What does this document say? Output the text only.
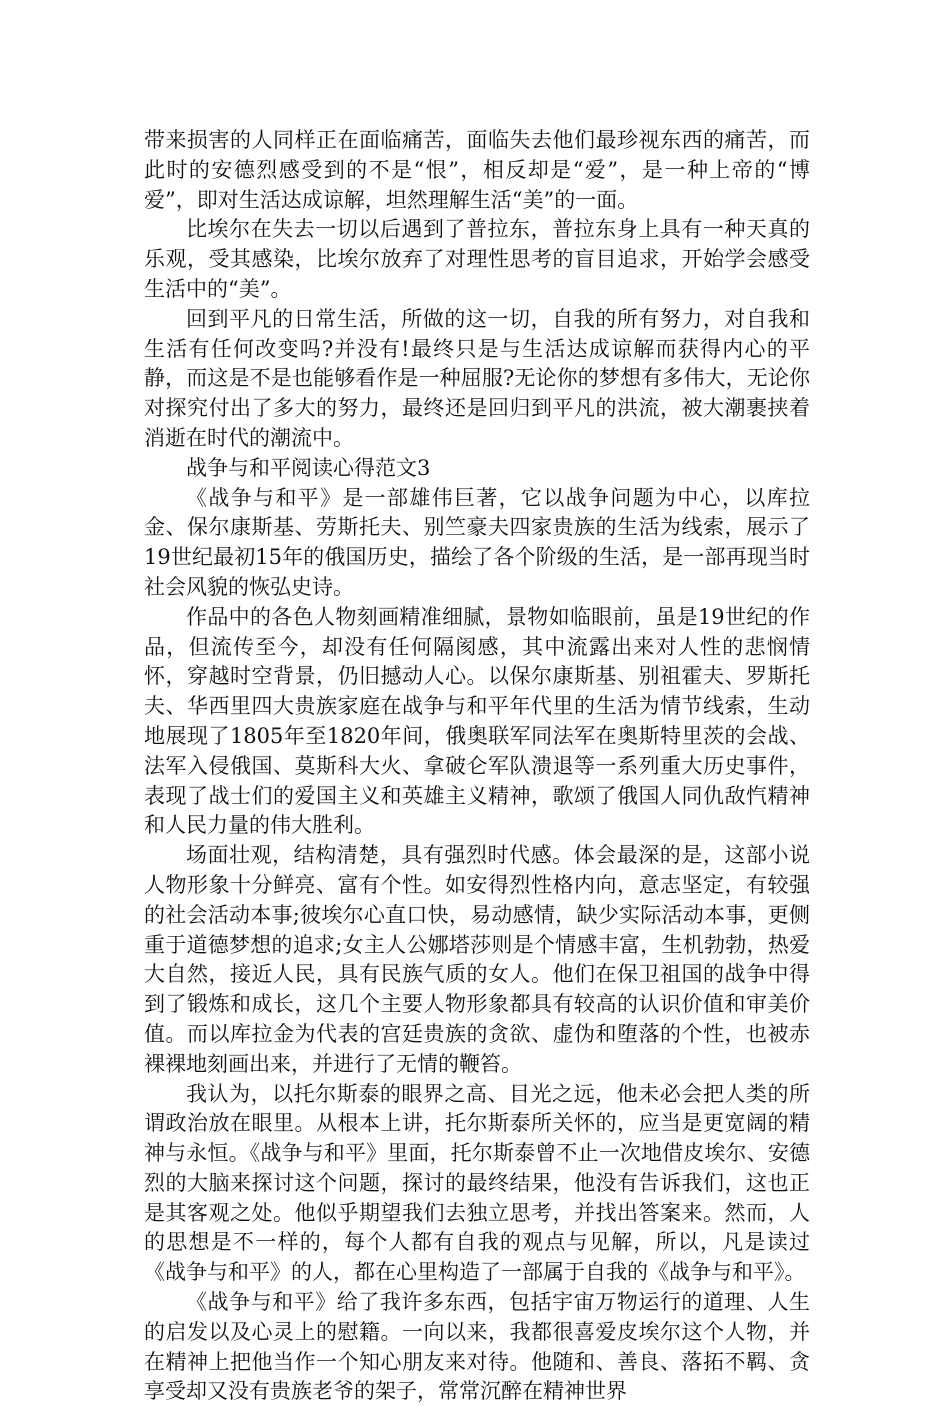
带来损害的人同样正在面临痛苦，面临失去他们最珍视东西的痛苦，而此时的安德烈感受到的不是“恨”，相反却是“爱”，是一种上帝的“博爱”，即对生活达成谅解，坦然理解生活“美”的一面。

比埃尔在失去一切以后遇到了普拉东，普拉东身上具有一种天真的乐观，受其感染，比埃尔放弃了对理性思考的盲目追求，开始学会感受生活中的“美”。

回到平凡的日常生活，所做的这一切，自我的所有努力，对自我和生活有任何改变吗?并没有!最终只是与生活达成谅解而获得内心的平静，而这是不是也能够看作是一种屈服?无论你的梦想有多伟大，无论你对探究付出了多大的努力，最终还是回归到平凡的洪流，被大潮裹挟着消逝在时代的潮流中。

战争与和平阅读心得范文3

《战争与和平》是一部雄伟巨著，它以战争问题为中心，以库拉金、保尔康斯基、劳斯托夫、别竺豪夫四家贵族的生活为线索，展示了19世纪最初15年的俄国历史，描绘了各个阶级的生活，是一部再现当时社会风貌的恢弘史诗。

作品中的各色人物刻画精准细腻，景物如临眼前，虽是19世纪的作品，但流传至今，却没有任何隔阂感，其中流露出来对人性的悲悯情怀，穿越时空背景，仍旧撼动人心。以保尔康斯基、别祖霍夫、罗斯托夫、华西里四大贵族家庭在战争与和平年代里的生活为情节线索，生动地展现了1805年至1820年间，俄奥联军同法军在奥斯特里茨的会战、法军入侵俄国、莫斯科大火、拿破仑军队溃退等一系列重大历史事件，表现了战士们的爱国主义和英雄主义精神，歌颂了俄国人同仇敌忾精神和人民力量的伟大胜利。

场面壮观，结构清楚，具有强烈时代感。体会最深的是，这部小说人物形象十分鲜亮、富有个性。如安得烈性格内向，意志坚定，有较强的社会活动本事;彼埃尔心直口快，易动感情，缺少实际活动本事，更侧重于道德梦想的追求;女主人公娜塔莎则是个情感丰富，生机勃勃，热爱大自然，接近人民，具有民族气质的女人。他们在保卫祖国的战争中得到了锻炼和成长，这几个主要人物形象都具有较高的认识价值和审美价值。而以库拉金为代表的宫廷贵族的贪欲、虚伪和堕落的个性，也被赤裸裸地刻画出来，并进行了无情的鞭笞。

我认为，以托尔斯泰的眼界之高、目光之远，他未必会把人类的所谓政治放在眼里。从根本上讲，托尔斯泰所关怀的，应当是更宽阔的精神与永恒。《战争与和平》里面，托尔斯泰曾不止一次地借皮埃尔、安德烈的大脑来探讨这个问题，探讨的最终结果，他没有告诉我们，这也正是其客观之处。他似乎期望我们去独立思考，并找出答案来。然而，人的思想是不一样的，每个人都有自我的观点与见解，所以，凡是读过《战争与和平》的人，都在心里构造了一部属于自我的《战争与和平》。

《战争与和平》给了我许多东西，包括宇宙万物运行的道理、人生的启发以及心灵上的慰籍。一向以来，我都很喜爱皮埃尔这个人物，并在精神上把他当作一个知心朋友来对待。他随和、善良、落拓不羁、贪享受却又没有贵族老爷的架子，常常沉醉在精神世界
